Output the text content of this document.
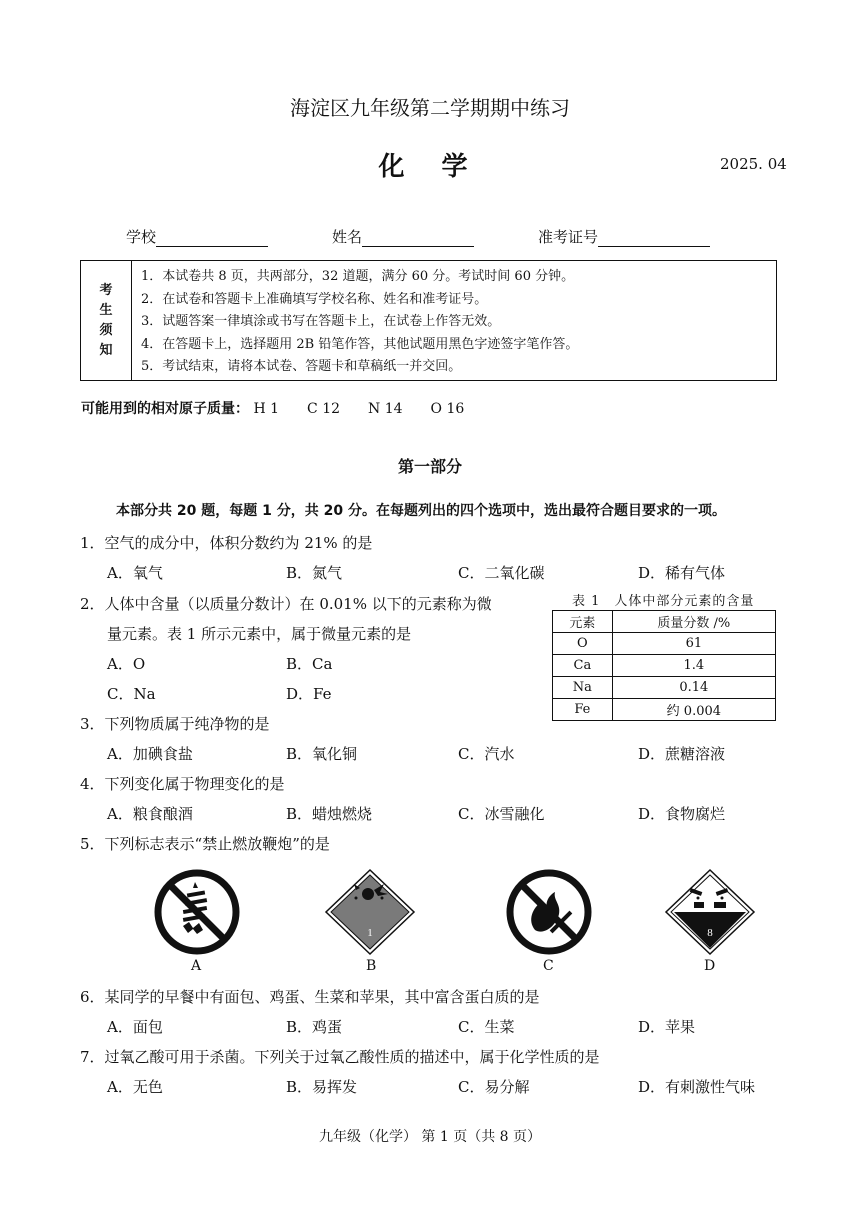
海淀区九年级第二学期期中练习
化 学	2025. 04
学校	姓名	准考证号
考
生
须
知
1．本试卷共 8 页，共两部分，32 道题，满分 60 分。考试时间 60 分钟。
2．在试卷和答题卡上准确填写学校名称、姓名和准考证号。
3．试题答案一律填涂或书写在答题卡上，在试卷上作答无效。
4．在答题卡上，选择题用 2B 铅笔作答，其他试题用黑色字迹签字笔作答。
5．考试结束，请将本试卷、答题卡和草稿纸一并交回。
可能用到的相对原子质量： H 1 C 12 N 14 O 16
第一部分
本部分共 20 题，每题 1 分，共 20 分。在每题列出的四个选项中，选出最符合题目要求的一项。
1．空气的成分中，体积分数约为 21% 的是
A．氧气	B．氮气	C．二氧化碳	D．稀有气体
2．人体中含量（以质量分数计）在 0.01% 以下的元素称为微
量元素。表 1 所示元素中，属于微量元素的是
A．O	B．Ca
C．Na	D．Fe
表 1　人体中部分元素的含量
元素	质量分数 /%
O	61
Ca	1.4
Na	0.14
Fe	约 0.004
3．下列物质属于纯净物的是
A．加碘食盐	B．氧化铜	C．汽水	D．蔗糖溶液
4．下列变化属于物理变化的是
A．粮食酿酒	B．蜡烛燃烧	C．冰雪融化	D．食物腐烂
5．下列标志表示“禁止燃放鞭炮”的是
A
1
B	C
8
D
6．某同学的早餐中有面包、鸡蛋、生菜和苹果，其中富含蛋白质的是
A．面包	B．鸡蛋	C．生菜	D．苹果
7．过氧乙酸可用于杀菌。下列关于过氧乙酸性质的描述中，属于化学性质的是
A．无色	B．易挥发	C．易分解	D．有刺激性气味
九年级（化学） 第 1 页（共 8 页）
